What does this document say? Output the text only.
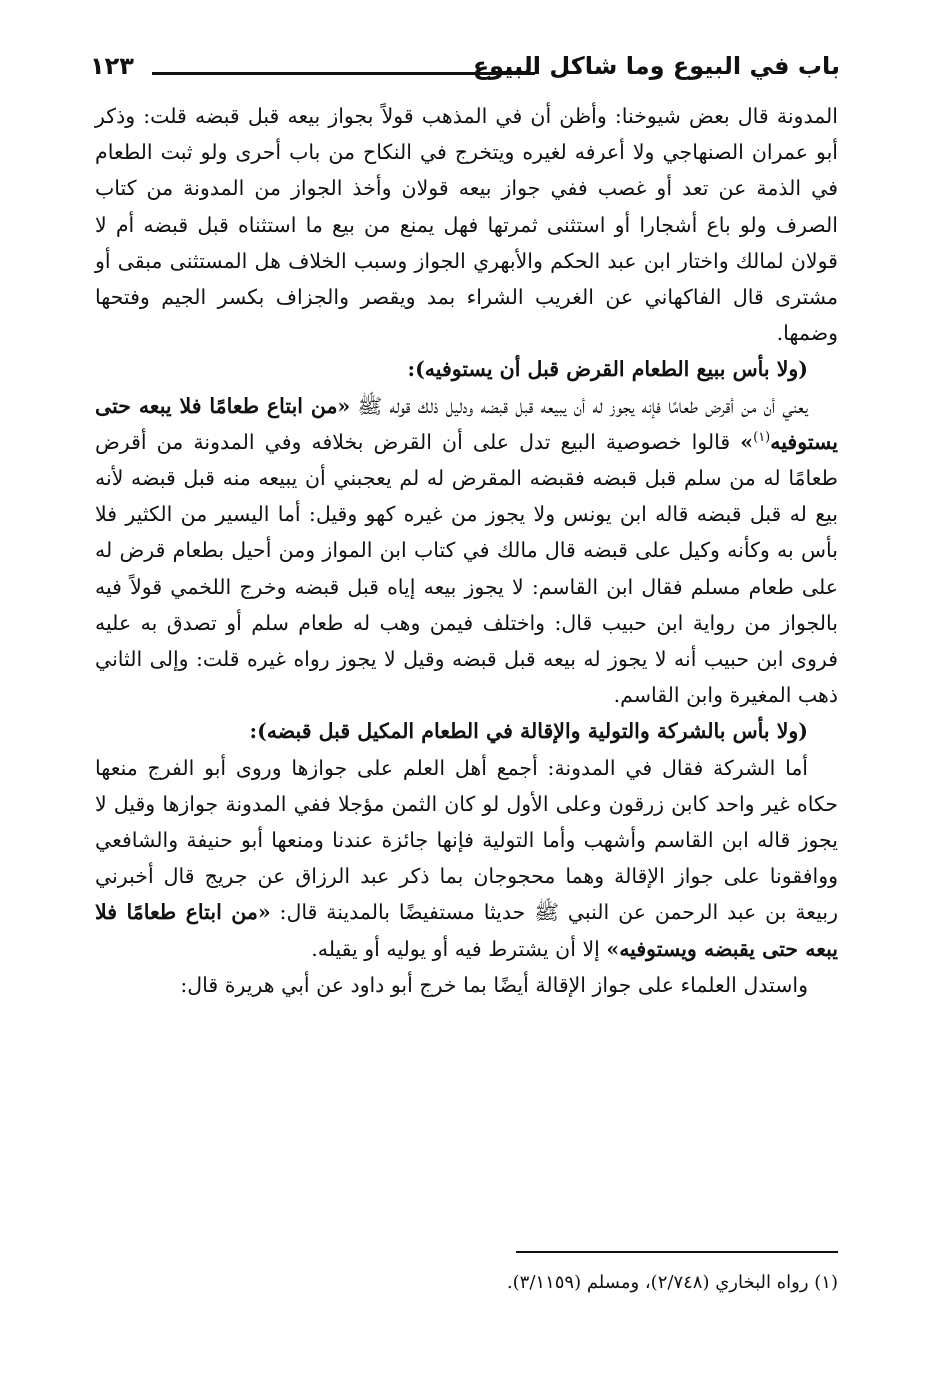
باب في البيوع وما شاكل البيوع
١٢٣

المدونة قال بعض شيوخنا: وأظن أن في المذهب قولاً بجواز بيعه قبل قبضه قلت: وذكر أبو عمران الصنهاجي ولا أعرفه لغيره ويتخرج في النكاح من باب أحرى ولو ثبت الطعام في الذمة عن تعد أو غصب ففي جواز بيعه قولان وأخذ الجواز من المدونة من كتاب الصرف ولو باع أشجارا أو استثنى ثمرتها فهل يمنع من بيع ما استثناه قبل قبضه أم لا قولان لمالك واختار ابن عبد الحكم والأبهري الجواز وسبب الخلاف هل المستثنى مبقى أو مشترى قال الفاكهاني عن الغريب الشراء بمد ويقصر والجزاف بكسر الجيم وفتحها وضمها.

(ولا بأس ببيع الطعام القرض قبل أن يستوفيه):

يعني أن من أقرض طعامًا فإنه يجوز له أن يبيعه قبل قبضه ودليل ذلك قوله ﷺ «من ابتاع طعامًا فلا يبعه حتى يستوفيه$^{(١)}$» قالوا خصوصية البيع تدل على أن القرض بخلافه وفي المدونة من أقرض طعامًا له من سلم قبل قبضه فقبضه المقرض له لم يعجبني أن يبيعه منه قبل قبضه لأنه بيع له قبل قبضه قاله ابن يونس ولا يجوز من غيره كهو وقيل: أما اليسير من الكثير فلا بأس به وكأنه وكيل على قبضه قال مالك في كتاب ابن المواز ومن أحيل بطعام قرض له على طعام مسلم فقال ابن القاسم: لا يجوز بيعه إياه قبل قبضه وخرج اللخمي قولاً فيه بالجواز من رواية ابن حبيب قال: واختلف فيمن وهب له طعام سلم أو تصدق به عليه فروى ابن حبيب أنه لا يجوز له بيعه قبل قبضه وقيل لا يجوز رواه غيره قلت: وإلى الثاني ذهب المغيرة وابن القاسم.

(ولا بأس بالشركة والتولية والإقالة في الطعام المكيل قبل قبضه):

أما الشركة فقال في المدونة: أجمع أهل العلم على جوازها وروى أبو الفرج منعها حكاه غير واحد كابن زرقون وعلى الأول لو كان الثمن مؤجلا ففي المدونة جوازها وقيل لا يجوز قاله ابن القاسم وأشهب وأما التولية فإنها جائزة عندنا ومنعها أبو حنيفة والشافعي ووافقونا على جواز الإقالة وهما محجوجان بما ذكر عبد الرزاق عن جريج قال أخبرني ربيعة بن عبد الرحمن عن النبي ﷺ حديثا مستفيضًا بالمدينة قال: «من ابتاع طعامًا فلا يبعه حتى يقبضه ويستوفيه» إلا أن يشترط فيه أو يوليه أو يقيله.

واستدل العلماء على جواز الإقالة أيضًا بما خرج أبو داود عن أبي هريرة قال:

(١) رواه البخاري (٢/٧٤٨)، ومسلم (٣/١١٥٩).
